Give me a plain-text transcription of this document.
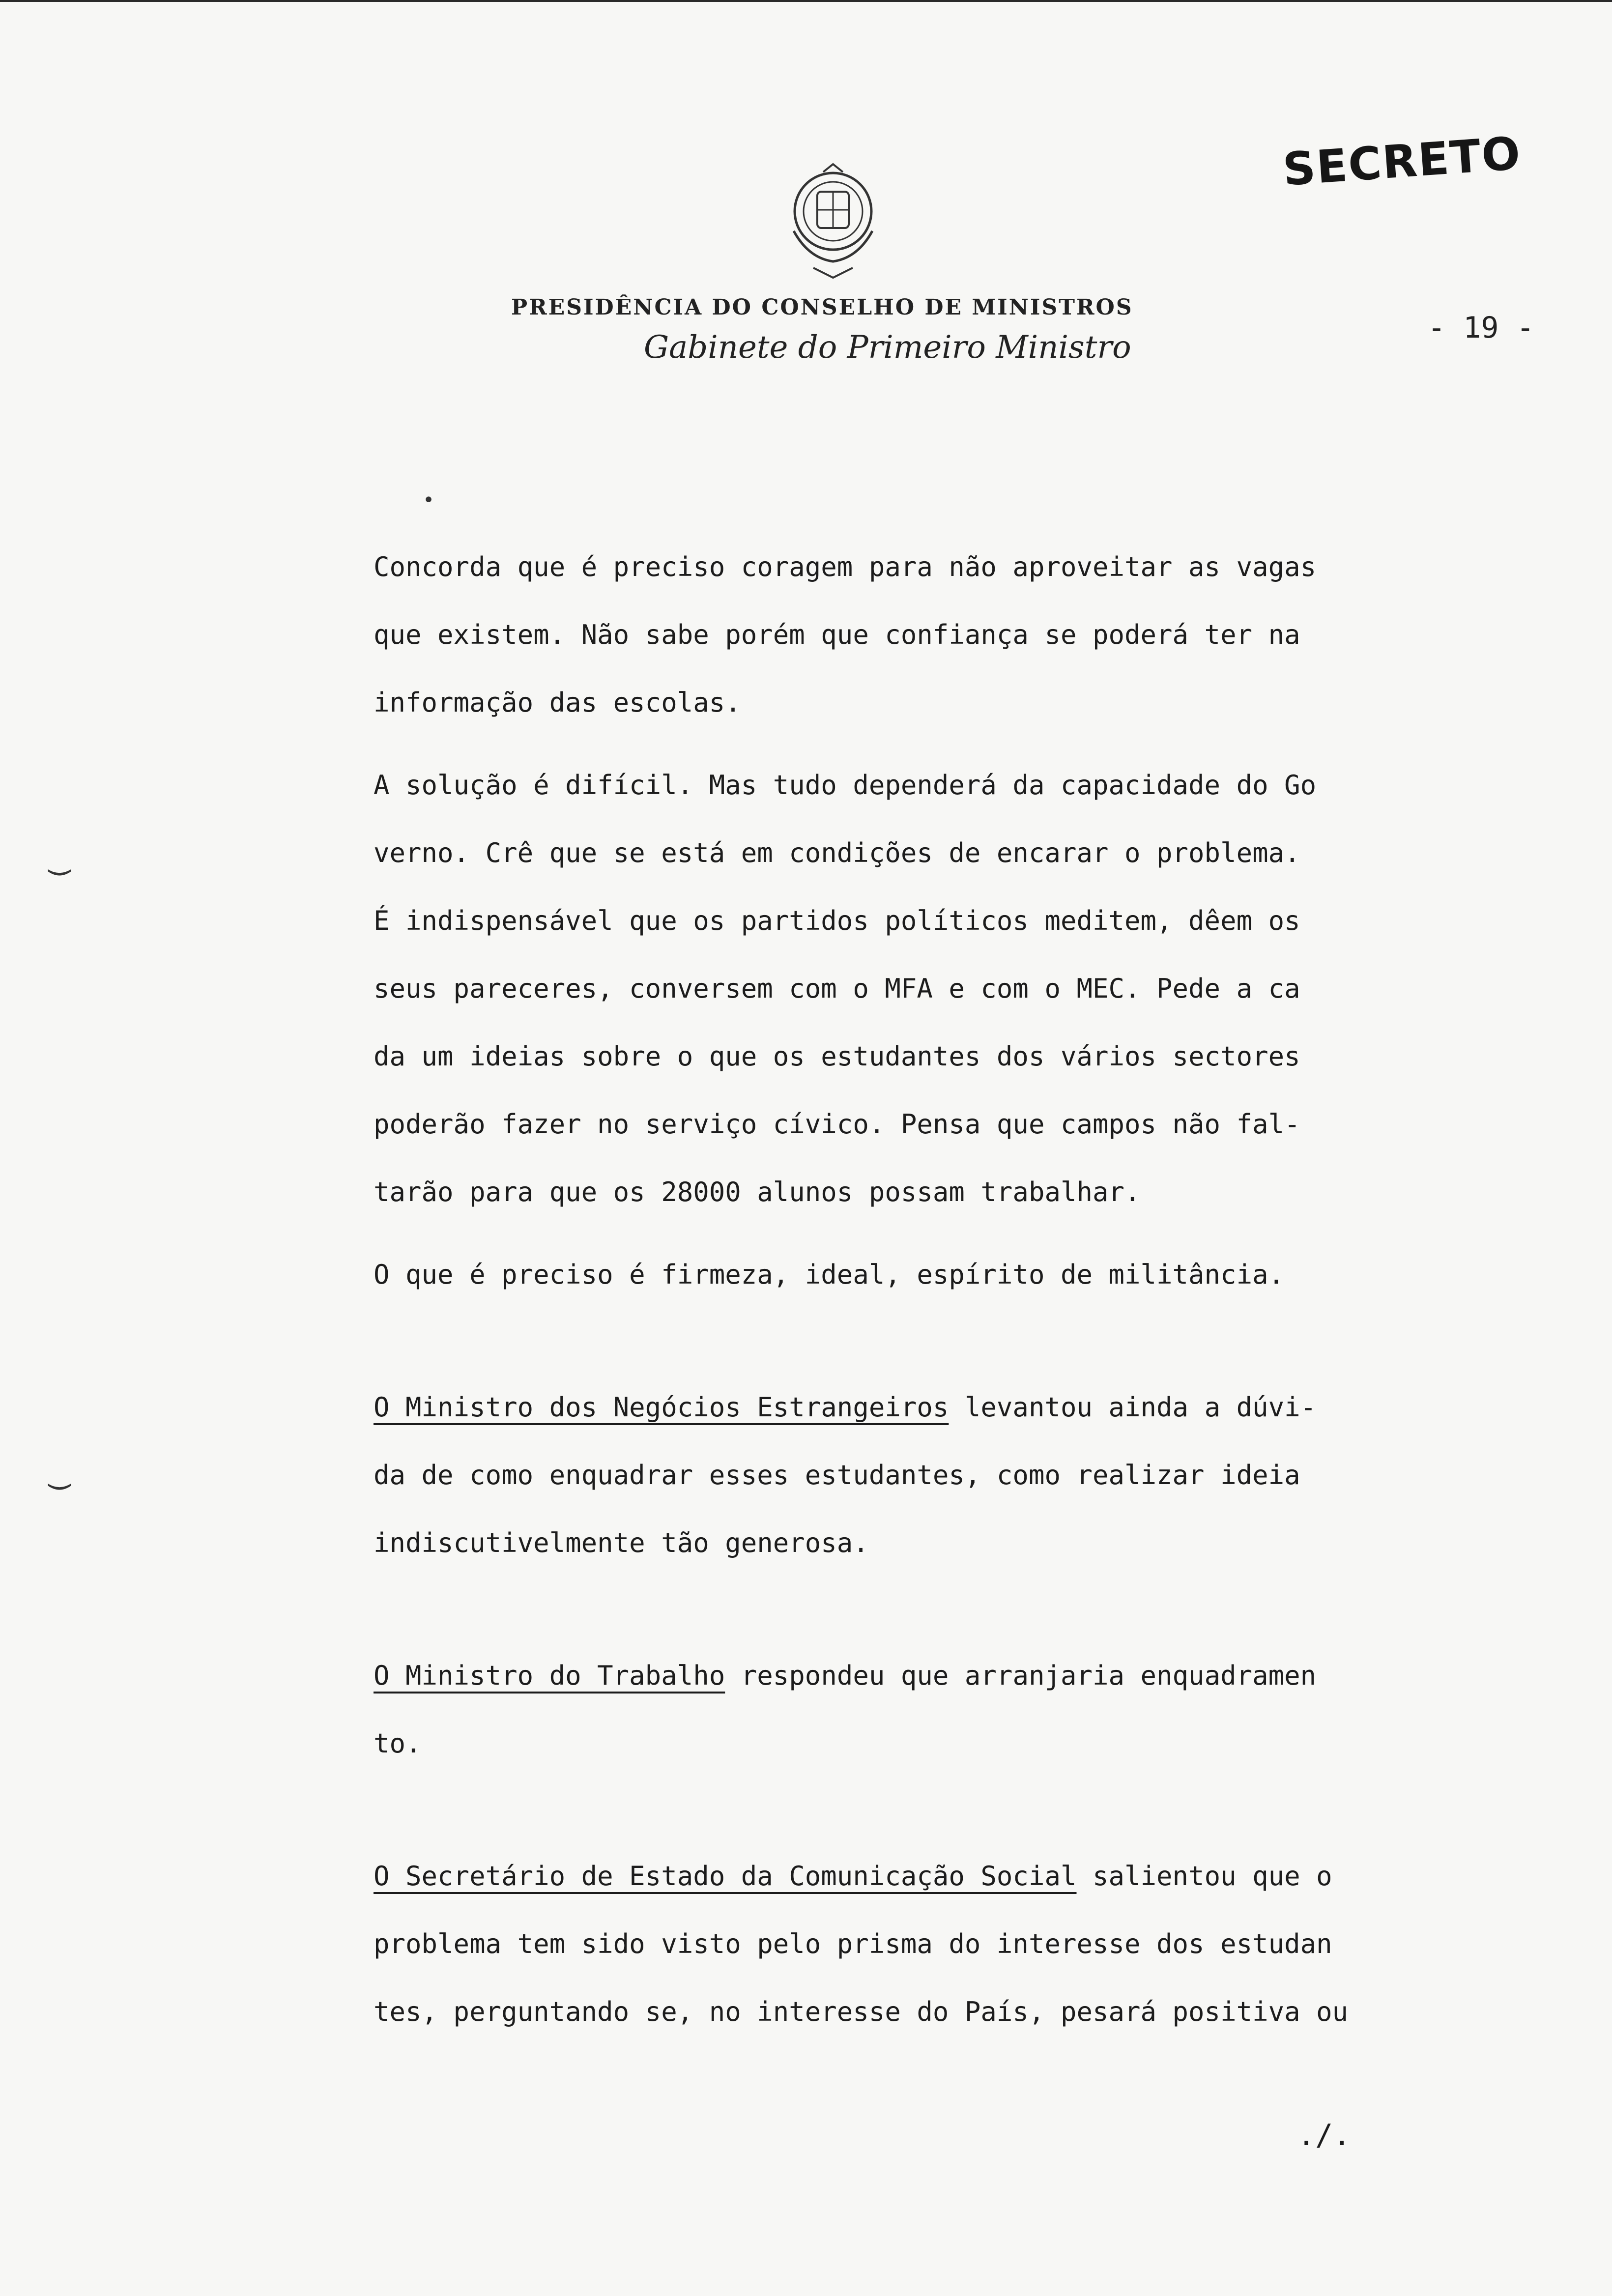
SECRETO
PRESIDÊNCIA DO CONSELHO DE MINISTROS
Gabinete do Primeiro Ministro
- 19 -
•
‿
‿
Concorda que é preciso coragem para não aproveitar as vagas
que existem. Não sabe porém que confiança se poderá ter na
informação das escolas.
A solução é difícil. Mas tudo dependerá da capacidade do Go
verno. Crê que se está em condições de encarar o problema.
É indispensável que os partidos políticos meditem, dêem os
seus pareceres, conversem com o MFA e com o MEC. Pede a ca
da um ideias sobre o que os estudantes dos vários sectores
poderão fazer no serviço cívico. Pensa que campos não fal-
tarão para que os 28000 alunos possam trabalhar.
O que é preciso é firmeza, ideal, espírito de militância.
O Ministro dos Negócios Estrangeiros levantou ainda a dúvi-
da de como enquadrar esses estudantes, como realizar ideia
indiscutivelmente tão generosa.
O Ministro do Trabalho respondeu que arranjaria enquadramen
to.
O Secretário de Estado da Comunicação Social salientou que o
problema tem sido visto pelo prisma do interesse dos estudan
tes, perguntando se, no interesse do País, pesará positiva ou
./.
